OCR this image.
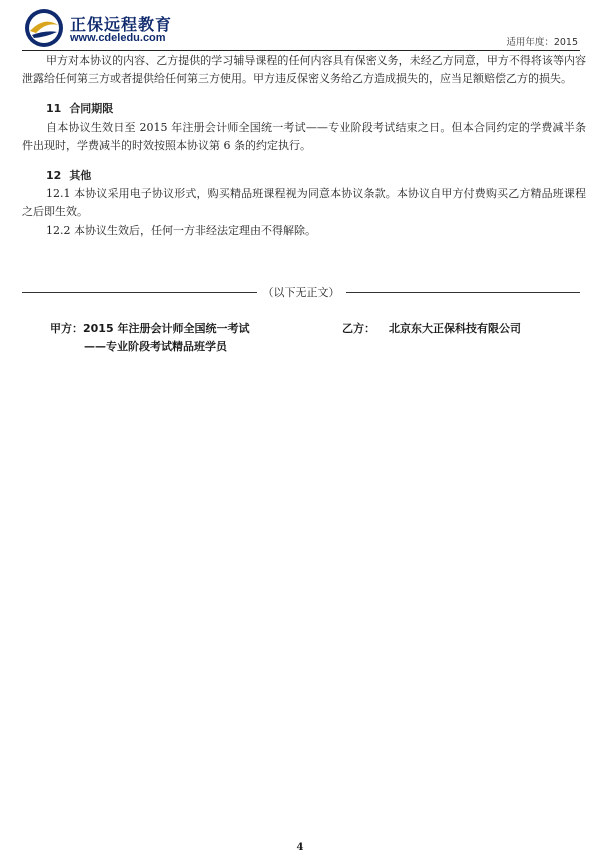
正保远程教育
www.cdeledu.com	适用年度：2015

甲方对本协议的内容、乙方提供的学习辅导课程的任何内容具有保密义务，未经乙方同意，甲方不得将该等内容泄露给任何第三方或者提供给任何第三方使用。甲方违反保密义务给乙方造成损失的，应当足额赔偿乙方的损失。

11 合同期限

自本协议生效日至 2015 年注册会计师全国统一考试——专业阶段考试结束之日。但本合同约定的学费减半条件出现时，学费减半的时效按照本协议第 6 条的约定执行。

12 其他

12.1 本协议采用电子协议形式，购买精品班课程视为同意本协议条款。本协议自甲方付费购买乙方精品班课程之后即生效。

12.2 本协议生效后，任何一方非经法定理由不得解除。

（以下无正文）
甲方：2015 年注册会计师全国统一考试
——专业阶段考试精品班学员
乙方： 北京东大正保科技有限公司
4
